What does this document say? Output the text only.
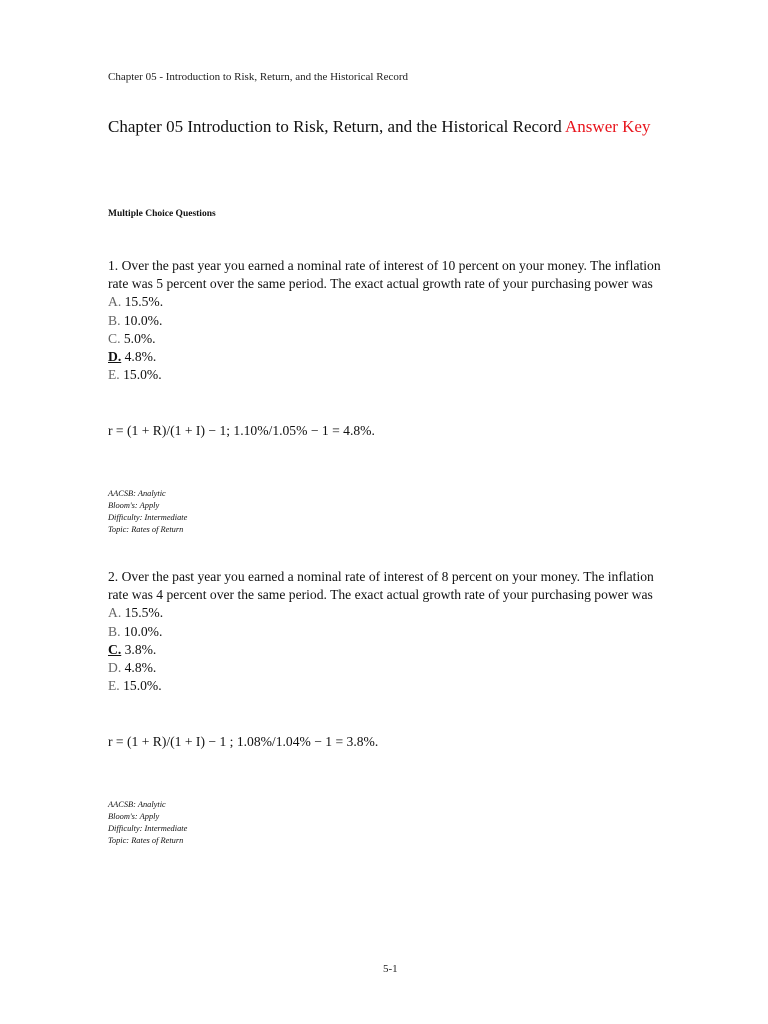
Chapter 05 - Introduction to Risk, Return, and the Historical Record
Chapter 05 Introduction to Risk, Return, and the Historical Record Answer Key
Multiple Choice Questions

1. Over the past year you earned a nominal rate of interest of 10 percent on your money. The inflation rate was 5 percent over the same period. The exact actual growth rate of your purchasing power was

A. 15.5%.
B. 10.0%.
C. 5.0%.
D. 4.8%.
E. 15.0%.

r = (1 + R)/(1 + I) − 1; 1.10%/1.05% − 1 = 4.8%.

AACSB: Analytic
Bloom's: Apply
Difficulty: Intermediate
Topic: Rates of Return

2. Over the past year you earned a nominal rate of interest of 8 percent on your money. The inflation rate was 4 percent over the same period. The exact actual growth rate of your purchasing power was

A. 15.5%.
B. 10.0%.
C. 3.8%.
D. 4.8%.
E. 15.0%.

r = (1 + R)/(1 + I) − 1 ; 1.08%/1.04% − 1 = 3.8%.

AACSB: Analytic
Bloom's: Apply
Difficulty: Intermediate
Topic: Rates of Return
5-1
